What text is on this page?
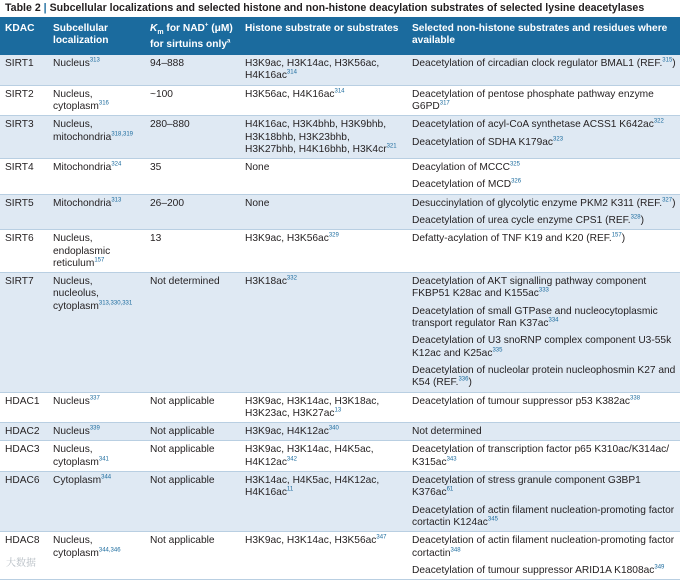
Table 2 | Subcellular localizations and selected histone and non-histone deacylation substrates of selected lysine deacetylases
KDAC	Subcellular localization	$K_m$ for NAD+ (μM) for sirtuins only$^a$	Histone substrate or substrates	Selected non-histone substrates and residues where available
SIRT1	Nucleus$^{313}$	94–888	H3K9ac, H3K14ac, H3K56ac, $H4K16ac^{314}$	Deacetylation of circadian clock regulator BMAL1 (REF.$^{315}$)

SIRT2	Nucleus, cytoplasm$^{316}$	~100	H3K56ac, $H4K16ac^{314}$	Deacetylation of pentose phosphate pathway enzyme G6PD$^{317}$

SIRT3	Nucleus, mitochondria$^{318,319}$	280–880	H4K16ac, H3K4bhb, H3K9bhb, H3K18bhb, H3K23bhb, H3K27bhb, H4K16bhb, $H3K4cr^{321}$	Deacetylation of acyl-CoA synthetase ACSS1 $K642ac^{322}$
Deacetylation of SDHA $K179ac^{323}$

SIRT4	Mitochondria$^{324}$	35	None	Deacylation of MCCC$^{325}$
Deacetylation of MCD$^{326}$

SIRT5	Mitochondria$^{313}$	26–200	None	Desuccinylation of glycolytic enzyme PKM2 K311 (REF.$^{327}$)
Deacetylation of urea cycle enzyme CPS1 (REF.$^{328}$)

SIRT6	Nucleus, endoplasmic reticulum$^{157}$	13	H3K9ac, $H3K56ac^{329}$	Defatty-acylation of TNF K19 and K20 (REF.$^{157}$)

SIRT7	Nucleus, nucleolus, cytoplasm$^{313,330,331}$	Not determined	$H3K18ac^{332}$	Deacetylation of AKT signalling pathway component FKBP51 K28ac and $K155ac^{333}$
Deacetylation of small GTPase and nucleocytoplasmic transport regulator Ran $K37ac^{334}$
Deacetylation of U3 snoRNP complex component U3-55k K12ac and $K25ac^{335}$
Deacetylation of nucleolar protein nucleophosmin K27 and K54 (REF.$^{336}$)

HDAC1	Nucleus$^{337}$	Not applicable	H3K9ac, H3K14ac, H3K18ac, H3K23ac, $H3K27ac^{13}$	Deacetylation of tumour suppressor p53 $K382ac^{338}$

HDAC2	Nucleus$^{339}$	Not applicable	H3K9ac, $H4K12ac^{340}$	Not determined

HDAC3	Nucleus, cytoplasm$^{341}$	Not applicable	H3K9ac, H3K14ac, H4K5ac, $H4K12ac^{342}$	Deacetylation of transcription factor p65 K310ac/K314ac/ $K315ac^{343}$

HDAC6	Cytoplasm$^{344}$	Not applicable	H3K14ac, H4K5ac, H4K12ac, $H4K16ac^{11}$	Deacetylation of stress granule component G3BP1 $K376ac^{61}$
Deacetylation of actin filament nucleation-promoting factor cortactin $K124ac^{345}$

HDAC8	Nucleus, cytoplasm$^{344,346}$	Not applicable	H3K9ac, H3K14ac, $H3K56ac^{347}$	Deacetylation of actin filament nucleation-promoting factor cortactin$^{348}$
Deacetylation of tumour suppressor ARID1A $K1808ac^{349}$
大数据
